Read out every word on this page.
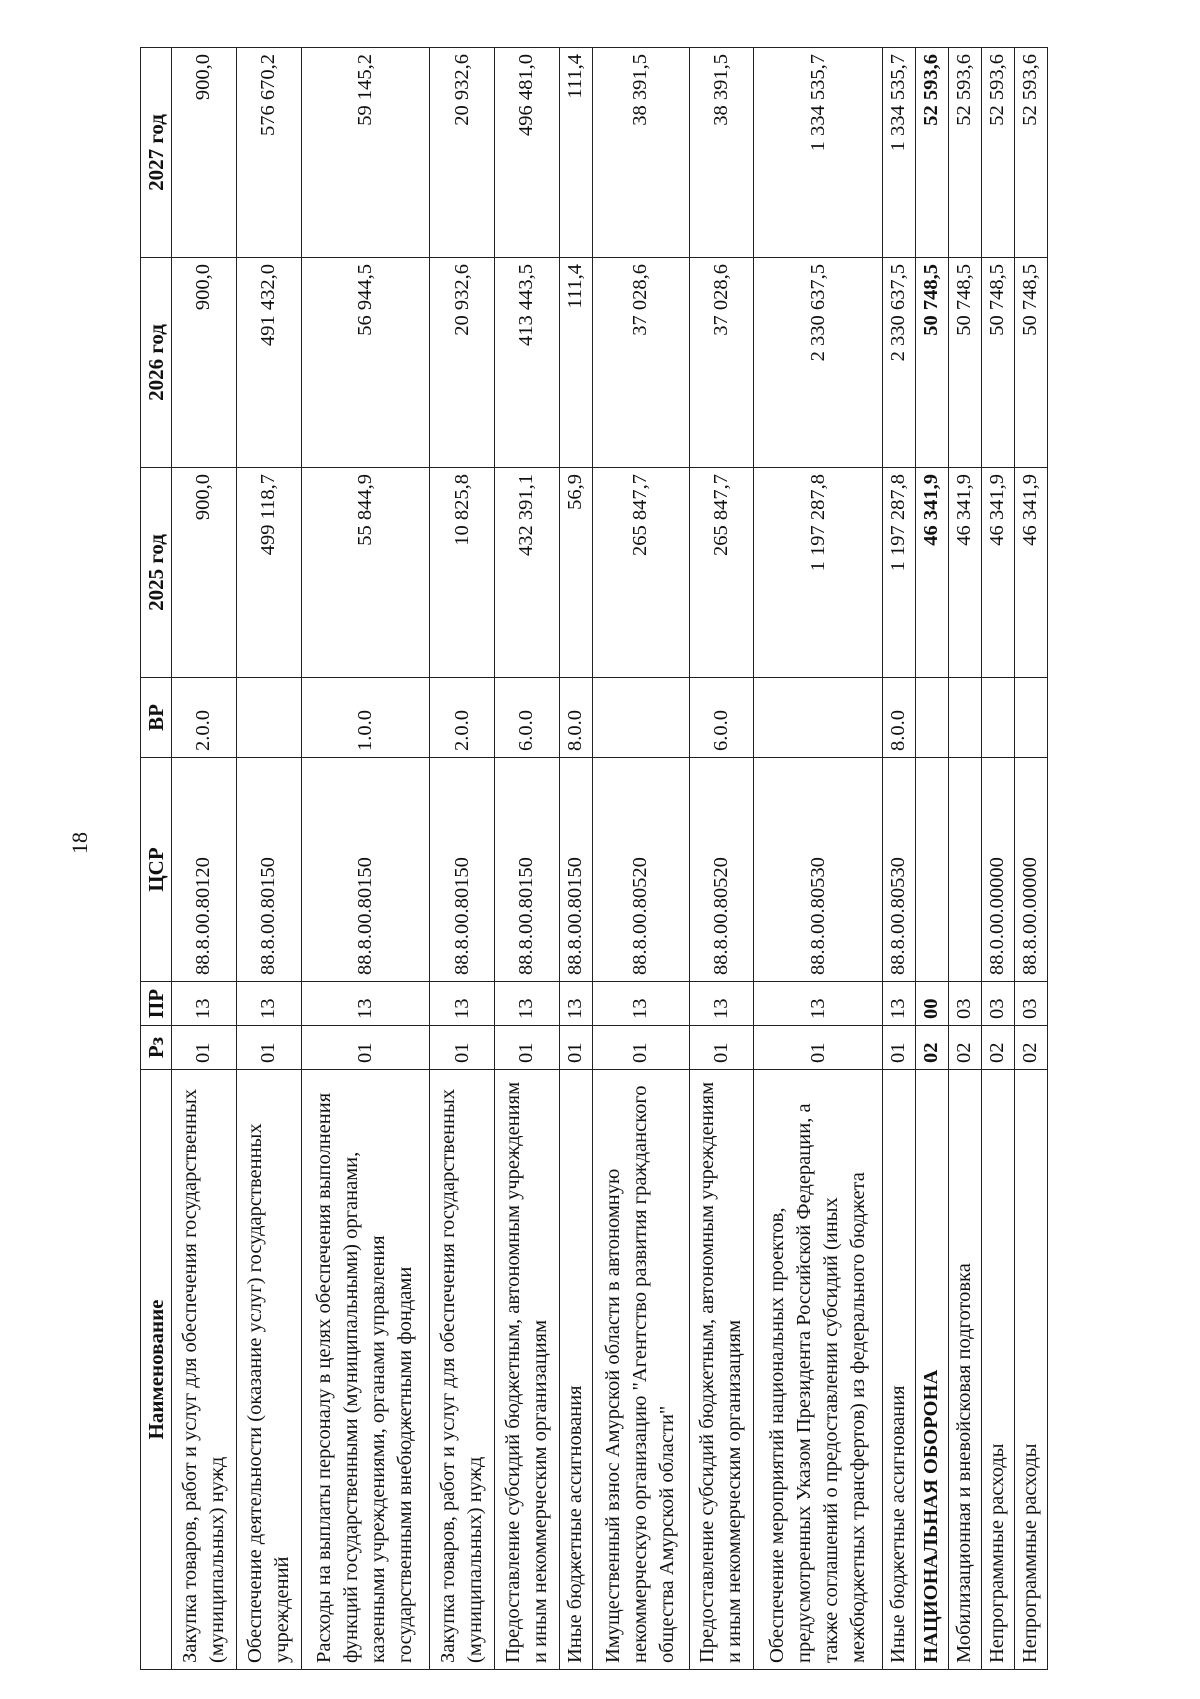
18
Наименование	Рз	ПР	ЦСР	ВР	2025 год	2026 год	2027 год
Закупка товаров, работ и услуг для обеспечения государственных (муниципальных) нужд	01	13	88.8.00.80120	2.0.0	900,0	900,0	900,0
Обеспечение деятельности (оказание услуг) государственных учреждений	01	13	88.8.00.80150		499 118,7	491 432,0	576 670,2
Расходы на выплаты персоналу в целях обеспечения выполнения функций государственными (муниципальными) органами, казенными учреждениями, органами управления государственными внебюджетными фондами	01	13	88.8.00.80150	1.0.0	55 844,9	56 944,5	59 145,2
Закупка товаров, работ и услуг для обеспечения государственных (муниципальных) нужд	01	13	88.8.00.80150	2.0.0	10 825,8	20 932,6	20 932,6
Предоставление субсидий бюджетным, автономным учреждениям и иным некоммерческим организациям	01	13	88.8.00.80150	6.0.0	432 391,1	413 443,5	496 481,0
Иные бюджетные ассигнования	01	13	88.8.00.80150	8.0.0	56,9	111,4	111,4
Имущественный взнос Амурской области в автономную некоммерческую организацию "Агентство развития гражданского общества Амурской области"	01	13	88.8.00.80520		265 847,7	37 028,6	38 391,5
Предоставление субсидий бюджетным, автономным учреждениям и иным некоммерческим организациям	01	13	88.8.00.80520	6.0.0	265 847,7	37 028,6	38 391,5
Обеспечение мероприятий национальных проектов, предусмотренных Указом Президента Российской Федерации, а также соглашений о предоставлении субсидий (иных межбюджетных трансфертов) из федерального бюджета	01	13	88.8.00.80530		1 197 287,8	2 330 637,5	1 334 535,7
Иные бюджетные ассигнования	01	13	88.8.00.80530	8.0.0	1 197 287,8	2 330 637,5	1 334 535,7
НАЦИОНАЛЬНАЯ ОБОРОНА	02	00			46 341,9	50 748,5	52 593,6
Мобилизационная и вневойсковая подготовка	02	03			46 341,9	50 748,5	52 593,6
Непрограммные расходы	02	03	88.0.00.00000		46 341,9	50 748,5	52 593,6
Непрограммные расходы	02	03	88.8.00.00000		46 341,9	50 748,5	52 593,6
